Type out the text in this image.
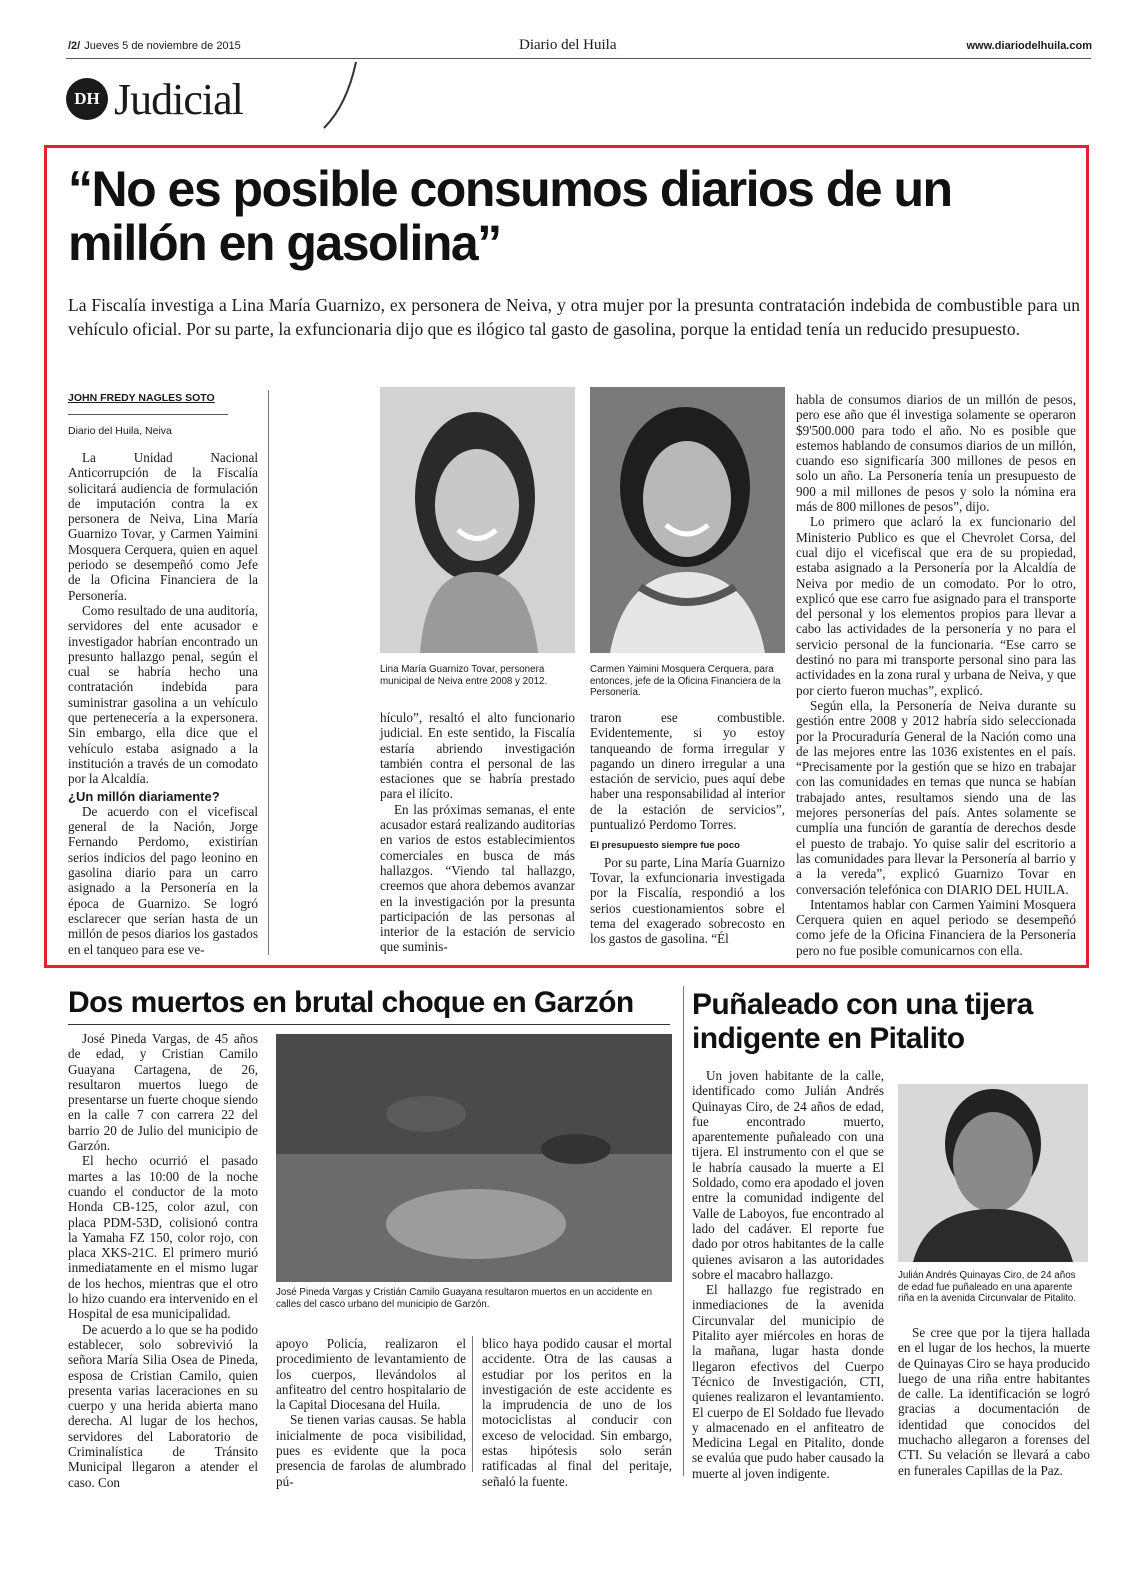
/2/ Jueves 5 de noviembre de 2015	Diario del Huila	www.diariodelhuila.com
DH Judicial
“No es posible consumos diarios de un millón en gasolina”
La Fiscalía investiga a Lina María Guarnizo, ex personera de Neiva, y otra mujer por la presunta contratación indebida de combustible para un vehículo oficial. Por su parte, la exfuncionaria dijo que es ilógico tal gasto de gasolina, porque la entidad tenía un reducido presupuesto.
JOHN FREDY NAGLES SOTO
Diario del Huila, Neiva

La Unidad Nacional Anticorrupción de la Fiscalía solicitará audiencia de formulación de imputación contra la ex personera de Neiva, Lina María Guarnizo Tovar, y Carmen Yaimini Mosquera Cerquera, quien en aquel periodo se desempeñó como Jefe de la Oficina Financiera de la Personería.

Como resultado de una auditoría, servidores del ente acusador e investigador habrían encontrado un presunto hallazgo penal, según el cual se habría hecho una contratación indebida para suministrar gasolina a un vehículo que pertenecería a la expersonera. Sin embargo, ella dice que el vehículo estaba asignado a la institución a través de un comodato por la Alcaldía.

¿Un millón diariamente?

De acuerdo con el vicefiscal general de la Nación, Jorge Fernando Perdomo, existirían serios indicios del pago leonino en gasolina diario para un carro asignado a la Personería en la época de Guarnizo. Se logró esclarecer que serían hasta de un millón de pesos diarios los gastados en el tanqueo para ese ve-

Lina María Guarnizo Tovar, personera municipal de Neiva entre 2008 y 2012.
Carmen Yaimini Mosquera Cerquera, para entonces, jefe de la Oficina Financiera de la Personería.

hículo”, resaltó el alto funcionario judicial. En este sentido, la Fiscalía estaría abriendo investigación también contra el personal de las estaciones que se habría prestado para el ilícito.

En las próximas semanas, el ente acusador estará realizando auditorias en varios de estos establecimientos comerciales en busca de más hallazgos. “Viendo tal hallazgo, creemos que ahora debemos avanzar en la investigación por la presunta participación de las personas al interior de la estación de servicio que suminis-

traron ese combustible. Evidentemente, si yo estoy tanqueando de forma irregular y pagando un dinero irregular a una estación de servicio, pues aquí debe haber una responsabilidad al interior de la estación de servicios”, puntualizó Perdomo Torres.

El presupuesto siempre fue poco

Por su parte, Lina María Guarnizo Tovar, la exfuncionaria investigada por la Fiscalía, respondió a los serios cuestionamientos sobre el tema del exagerado sobrecosto en los gastos de gasolina. “Él

habla de consumos diarios de un millón de pesos, pero ese año que él investiga solamente se operaron $9'500.000 para todo el año. No es posible que estemos hablando de consumos diarios de un millón, cuando eso significaría 300 millones de pesos en solo un año. La Personería tenía un presupuesto de 900 a mil millones de pesos y solo la nómina era más de 800 millones de pesos”, dijo.

Lo primero que aclaró la ex funcionario del Ministerio Publico es que el Chevrolet Corsa, del cual dijo el vicefiscal que era de su propiedad, estaba asignado a la Personería por la Alcaldía de Neiva por medio de un comodato. Por lo otro, explicó que ese carro fue asignado para el transporte del personal y los elementos propios para llevar a cabo las actividades de la personería y no para el servicio personal de la funcionaria. “Ese carro se destinó no para mi transporte personal sino para las actividades en la zona rural y urbana de Neiva, y que por cierto fueron muchas”, explicó.

Según ella, la Personería de Neiva durante su gestión entre 2008 y 2012 habría sido seleccionada por la Procuraduría General de la Nación como una de las mejores entre las 1036 existentes en el país. “Precisamente por la gestión que se hizo en trabajar con las comunidades en temas que nunca se habían trabajado antes, resultamos siendo una de las mejores personerías del país. Antes solamente se cumplía una función de garantía de derechos desde el puesto de trabajo. Yo quise salir del escritorio a las comunidades para llevar la Personería al barrio y a la vereda”, explicó Guarnizo Tovar en conversación telefónica con DIARIO DEL HUILA.

Intentamos hablar con Carmen Yaimini Mosquera Cerquera quien en aquel periodo se desempeñó como jefe de la Oficina Financiera de la Personería pero no fue posible comunicarnos con ella.

Dos muertos en brutal choque en Garzón

José Pineda Vargas, de 45 años de edad, y Cristian Camilo Guayana Cartagena, de 26, resultaron muertos luego de presentarse un fuerte choque siendo en la calle 7 con carrera 22 del barrio 20 de Julio del municipio de Garzón.

El hecho ocurrió el pasado martes a las 10:00 de la noche cuando el conductor de la moto Honda CB-125, color azul, con placa PDM-53D, colisionó contra la Yamaha FZ 150, color rojo, con placa XKS-21C. El primero murió inmediatamente en el mismo lugar de los hechos, mientras que el otro lo hizo cuando era intervenido en el Hospital de esa municipalidad.

De acuerdo a lo que se ha podido establecer, solo sobrevivió la señora María Silia Osea de Pineda, esposa de Cristian Camilo, quien presenta varias laceraciones en su cuerpo y una herida abierta mano derecha. Al lugar de los hechos, servidores del Laboratorio de Criminalística de Tránsito Municipal llegaron a atender el caso. Con

José Pineda Vargas y Cristián Camilo Guayana resultaron muertos en un accidente en calles del casco urbano del municipio de Garzón.

apoyo Policía, realizaron el procedimiento de levantamiento de los cuerpos, llevándolos al anfiteatro del centro hospitalario de la Capital Diocesana del Huila.

Se tienen varias causas. Se habla inicialmente de poca visibilidad, pues es evidente que la poca presencia de farolas de alumbrado pú-

blico haya podido causar el mortal accidente. Otra de las causas a estudiar por los peritos en la investigación de este accidente es la imprudencia de uno de los motociclistas al conducir con exceso de velocidad. Sin embargo, estas hipótesis solo serán ratificadas al final del peritaje, señaló la fuente.

Puñaleado con una tijera
indigente en Pitalito

Un joven habitante de la calle, identificado como Julián Andrés Quinayas Ciro, de 24 años de edad, fue encontrado muerto, aparentemente puñaleado con una tijera. El instrumento con el que se le habría causado la muerte a El Soldado, como era apodado el joven entre la comunidad indigente del Valle de Laboyos, fue encontrado al lado del cadáver. El reporte fue dado por otros habitantes de la calle quienes avisaron a las autoridades sobre el macabro hallazgo.

El hallazgo fue registrado en inmediaciones de la avenida Circunvalar del municipio de Pitalito ayer miércoles en horas de la mañana, lugar hasta donde llegaron efectivos del Cuerpo Técnico de Investigación, CTI, quienes realizaron el levantamiento. El cuerpo de El Soldado fue llevado y almacenado en el anfiteatro de Medicina Legal en Pitalito, donde se evalúa que pudo haber causado la muerte al joven indigente.

Julián Andrés Quinayas Ciro, de 24 años de edad fue puñaleado en una aparente riña en la avenida Circunvalar de Pitalito.

Se cree que por la tijera hallada en el lugar de los hechos, la muerte de Quinayas Ciro se haya producido luego de una riña entre habitantes de calle. La identificación se logró gracias a documentación de identidad que conocidos del muchacho allegaron a forenses del CTI. Su velación se llevará a cabo en funerales Capillas de la Paz.
